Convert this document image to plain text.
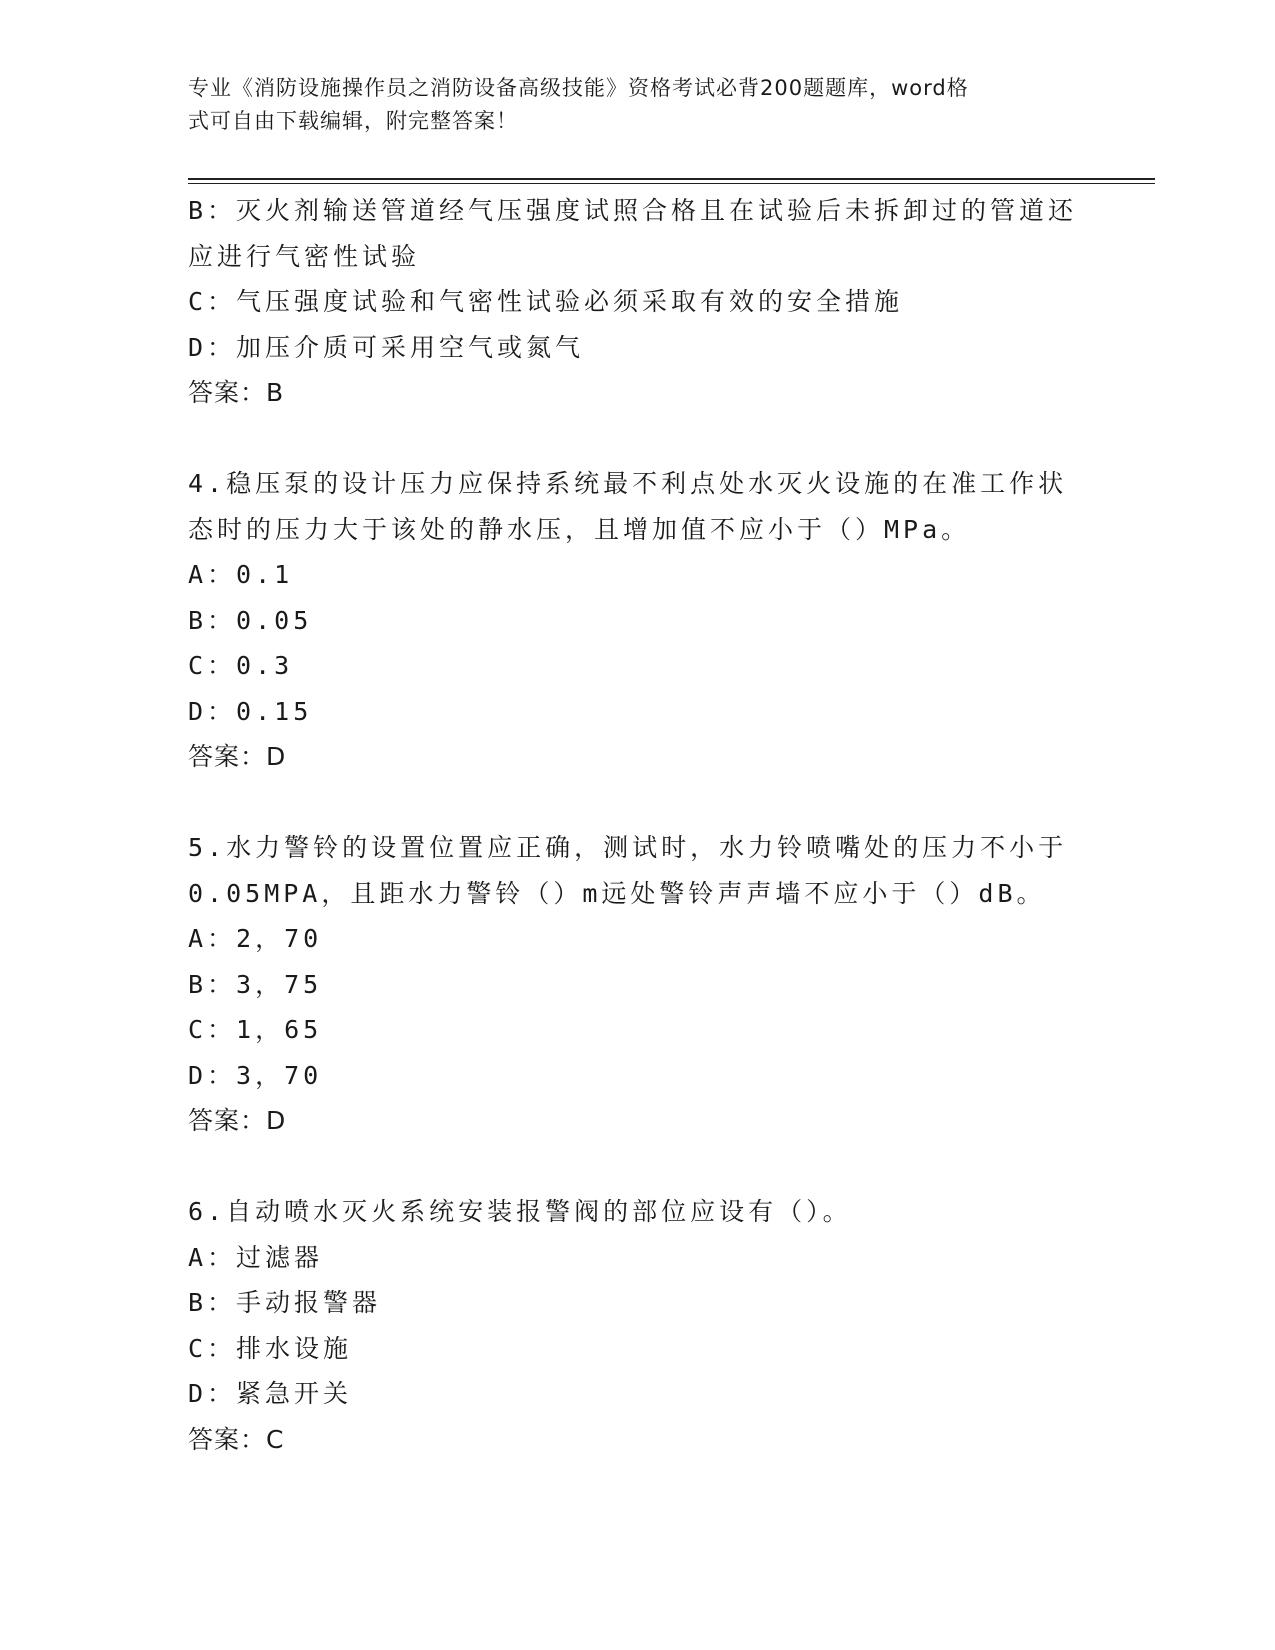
专业《消防设施操作员之消防设备高级技能》资格考试必背200题题库，word格
式可自由下载编辑，附完整答案！
B：灭火剂输送管道经气压强度试照合格且在试验后未拆卸过的管道还
应进行气密性试验
C：气压强度试验和气密性试验必须采取有效的安全措施
D：加压介质可采用空气或氮气
答案：B
4.稳压泵的设计压力应保持系统最不利点处水灭火设施的在准工作状
态时的压力大于该处的静水压，且增加值不应小于（）MPa。
A：0.1
B：0.05
C：0.3
D：0.15
答案：D
5.水力警铃的设置位置应正确，测试时，水力铃喷嘴处的压力不小于
0.05MPA，且距水力警铃（）m远处警铃声声墙不应小于（）dB。
A：2，70
B：3，75
C：1，65
D：3，70
答案：D
6.自动喷水灭火系统安装报警阀的部位应设有（）。
A：过滤器
B：手动报警器
C：排水设施
D：紧急开关
答案：C
